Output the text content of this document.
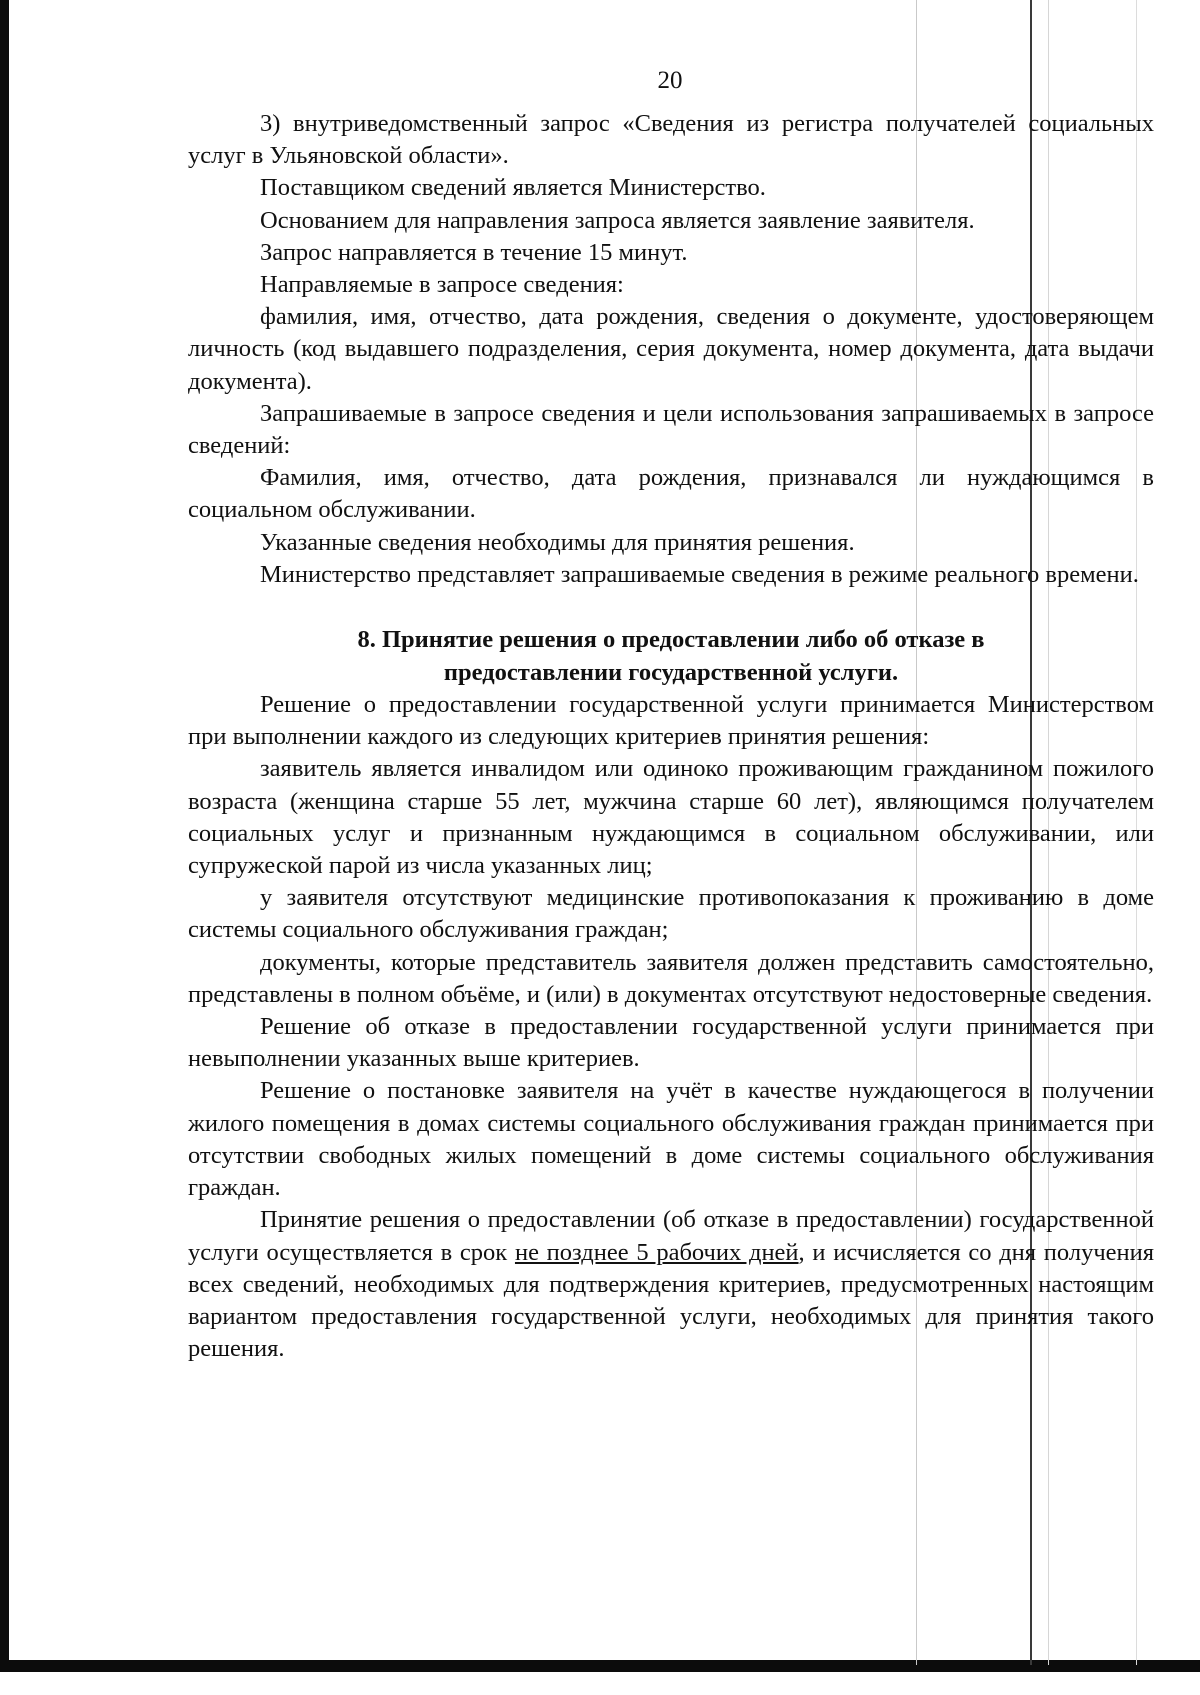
20

3) внутриведомственный запрос «Сведения из регистра получателей социальных услуг в Ульяновской области».

Поставщиком сведений является Министерство.

Основанием для направления запроса является заявление заявителя.

Запрос направляется в течение 15 минут.

Направляемые в запросе сведения:

фамилия, имя, отчество, дата рождения, сведения о документе, удостоверяющем личность (код выдавшего подразделения, серия документа, номер документа, дата выдачи документа).

Запрашиваемые в запросе сведения и цели использования запрашиваемых в запросе сведений:

Фамилия, имя, отчество, дата рождения, признавался ли нуждающимся в социальном обслуживании.

Указанные сведения необходимы для принятия решения.

Министерство представляет запрашиваемые сведения в режиме реального времени.

8. Принятие решения о предоставлении либо об отказе в
предоставлении государственной услуги.

Решение о предоставлении государственной услуги принимается Министерством при выполнении каждого из следующих критериев принятия решения:

заявитель является инвалидом или одиноко проживающим гражданином пожилого возраста (женщина старше 55 лет, мужчина старше 60 лет), являющимся получателем социальных услуг и признанным нуждающимся в социальном обслуживании, или супружеской парой из числа указанных лиц;

у заявителя отсутствуют медицинские противопоказания к проживанию в доме системы социального обслуживания граждан;

документы, которые представитель заявителя должен представить самостоятельно, представлены в полном объёме, и (или) в документах отсутствуют недостоверные сведения.

Решение об отказе в предоставлении государственной услуги принимается при невыполнении указанных выше критериев.

Решение о постановке заявителя на учёт в качестве нуждающегося в получении жилого помещения в домах системы социального обслуживания граждан принимается при отсутствии свободных жилых помещений в доме системы социального обслуживания граждан.

Принятие решения о предоставлении (об отказе в предоставлении) государственной услуги осуществляется в срок не позднее 5 рабочих дней, и исчисляется со дня получения всех сведений, необходимых для подтверждения критериев, предусмотренных настоящим вариантом предоставления государственной услуги, необходимых для принятия такого решения.
